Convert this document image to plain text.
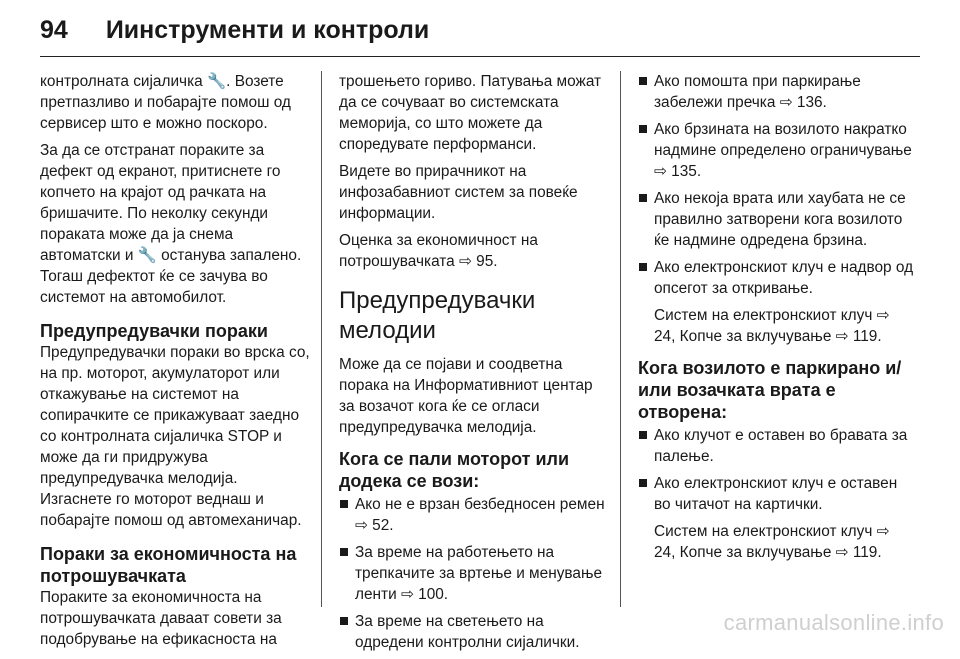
94 Иинструменти и контроли

контролната сијаличка ⁠🔧. Возете претпазливо и побарајте помош од сервисер што е можно поскоро.

За да се отстранат пораките за дефект од екранот, притиснете го копчето на крајот од рачката на бришачите. По неколку секунди пораката може да ја снема автоматски и 🔧 останува запалено. Тогаш дефектот ќе се зачува во системот на автомобилот.

Предупредувачки пораки

Предупредувачки пораки во врска со, на пр. моторот, акумулаторот или откажување на системот на сопирачките се прикажуваат заедно со контролната сијаличка STOP и може да ги придружува предупредувачка мелодија. Изгаснете го моторот веднаш и побарајте помош од автомеханичар.

Пораки за економичноста на потрошувачката

Пораките за економичноста на потрошувачката даваат совети за подобрување на ефикасноста на

трошењето гориво. Патувања можат да се сочуваат во системската меморија, со што можете да споредувате перформанси.

Видете во прирачникот на инфозабавниот систем за повеќе информации.

Оценка за економичност на потрошувачката ⇨ 95.

Предупредувачки мелодии

Може да се појави и соодветна порака на Информативниот центар за возачот кога ќе се огласи предупредувачка мелодија.

Кога се пали моторот или додека се вози:
Ако не е врзан безбедносен ремен ⇨ 52.
За време на работењето на трепкачите за вртење и менување ленти ⇨ 100.
За време на светењето на одредени контролни сијалички.
Ако помошта при паркирање забележи пречка ⇨ 136.
Ако брзината на возилото накратко надмине определено ограничување ⇨ 135.
Ако некоја врата или хаубата не се правилно затворени кога возилото ќе надмине одредена брзина.
Ако електронскиот клуч е надвор од опсегот за откривање.

Систем на електронскиот клуч ⇨ 24, Копче за вклучување ⇨ 119.

Кога возилото е паркирано и/ или возачката врата е отворена:
Ако клучот е оставен во бравата за палење.
Ако електронскиот клуч е оставен во читачот на картички.

Систем на електронскиот клуч ⇨ 24, Копче за вклучување ⇨ 119.

carmanualsonline.info
